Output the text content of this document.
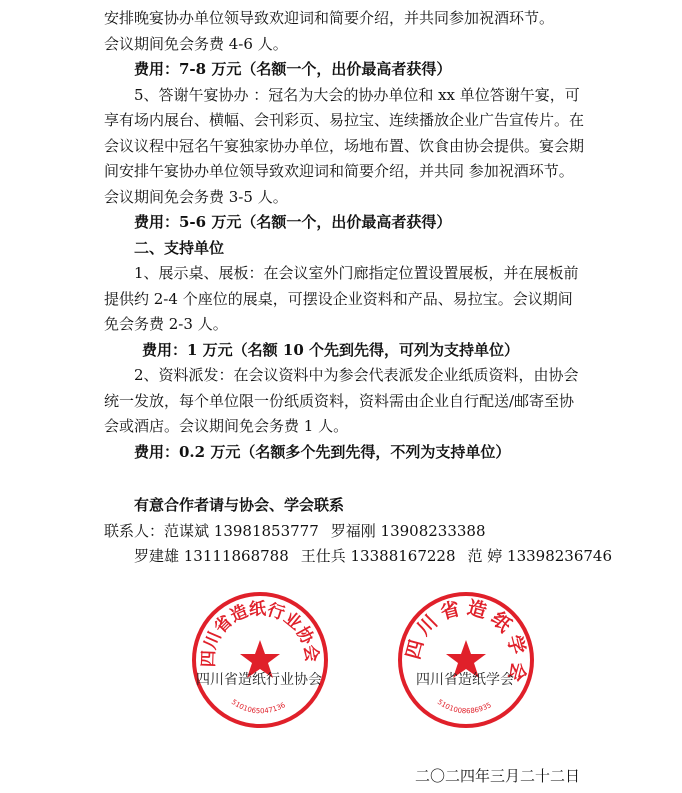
安排晚宴协办单位领导致欢迎词和简要介绍，并共同参加祝酒环节。

会议期间免会务费 4-6 人。

费用：7-8 万元（名额一个，出价最高者获得）

5、答谢午宴协办 ：冠名为大会的协办单位和 xx 单位答谢午宴，可享有场内展台、横幅、会刊彩页、易拉宝、连续播放企业广告宣传片。在会议议程中冠名午宴独家协办单位，场地布置、饮食由协会提供。宴会期间安排午宴协办单位领导致欢迎词和简要介绍，并共同 参加祝酒环节。会议期间免会务费 3-5 人。

费用：5-6 万元（名额一个，出价最高者获得）

二、支持单位

1、展示桌、展板：在会议室外门廊指定位置设置展板，并在展板前提供约 2-4 个座位的展桌，可摆设企业资料和产品、易拉宝。会议期间免会务费 2-3 人。

费用：1 万元（名额 10 个先到先得，可列为支持单位）

2、资料派发：在会议资料中为参会代表派发企业纸质资料，由协会统一发放，每个单位限一份纸质资料，资料需由企业自行配送/邮寄至协会或酒店。会议期间免会务费 1 人。

费用：0.2 万元（名额多个先到先得，不列为支持单位）

有意合作者请与协会、学会联系

联系人：范谋斌 13981853777 罗福刚 13908233388

罗建雄 13111868788 王仕兵 13388167228 范 婷 13398236746

四川省造纸行业协会
5101065047136
四川省造纸行业协会
四川省造纸学会
5101008686935
四川省造纸学会
二〇二四年三月二十二日
